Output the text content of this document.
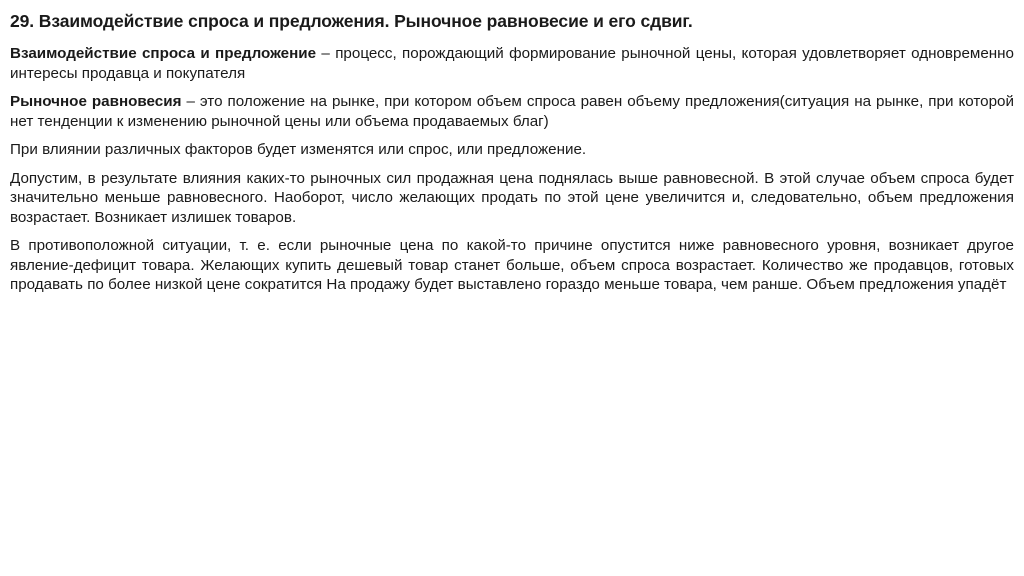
29. Взаимодействие спроса и предложения. Рыночное равновесие и его сдвиг.

Взаимодействие спроса и предложение – процесс, порождающий формирование рыночной цены, которая удовлетворяет одновременно интересы продавца и покупателя

Рыночное равновесия – это положение на рынке, при котором объем спроса равен объему предложения(ситуация на рынке, при которой нет тенденции к изменению рыночной цены или объема продаваемых благ)

При влиянии различных факторов будет изменятся или спрос, или предложение.

Допустим, в результате влияния каких-то рыночных сил продажная цена поднялась выше равновесной. В этой случае объем спроса будет значительно меньше равновесного. Наоборот, число желающих продать по этой цене увеличится и, следовательно, объем предложения возрастает. Возникает излишек товаров.

В противоположной ситуации, т. е. если рыночные цена по какой-то причине опустится ниже равновесного уровня, возникает другое явление-дефицит товара. Желающих купить дешевый товар станет больше, объем спроса возрастает. Количество же продавцов, готовых продавать по более низкой цене сократится На продажу будет выставлено гораздо меньше товара, чем ранше. Объем предложения упадёт
